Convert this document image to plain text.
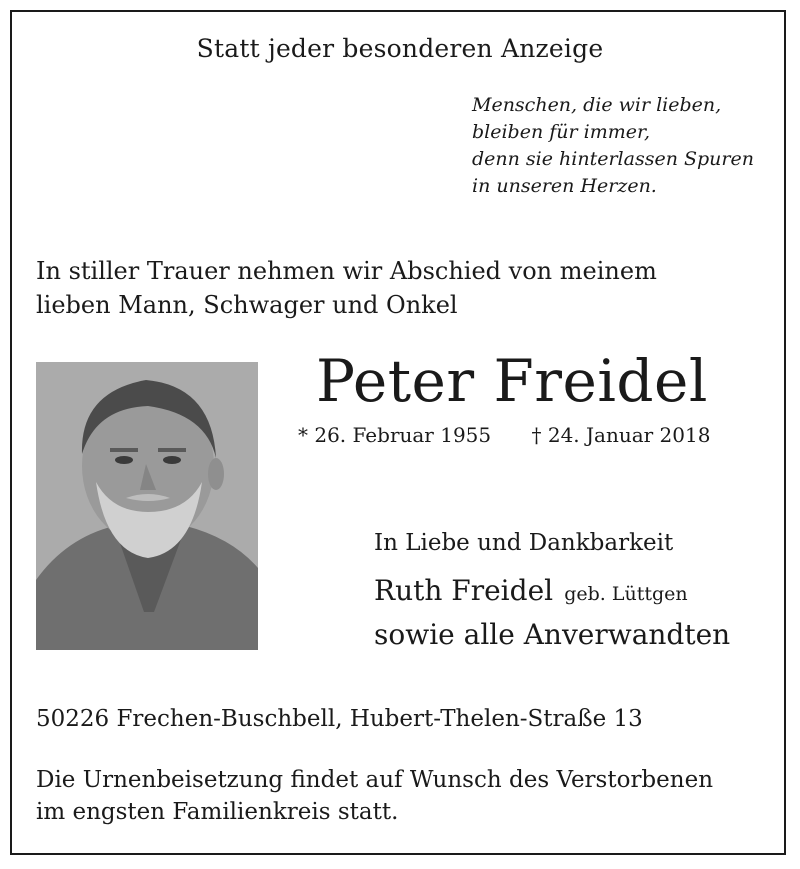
Statt jeder besonderen Anzeige
Menschen, die wir lieben,
bleiben für immer,
denn sie hinterlassen Spuren
in unseren Herzen.
In stiller Trauer nehmen wir Abschied von meinem
lieben Mann, Schwager und Onkel
Peter Freidel
* 26. Februar 1955 † 24. Januar 2018
In Liebe und Dankbarkeit
Ruth Freidel geb. Lüttgen
sowie alle Anverwandten
50226 Frechen-Buschbell, Hubert-Thelen-Straße 13
Die Urnenbeisetzung findet auf Wunsch des Verstorbenen
im engsten Familienkreis statt.
